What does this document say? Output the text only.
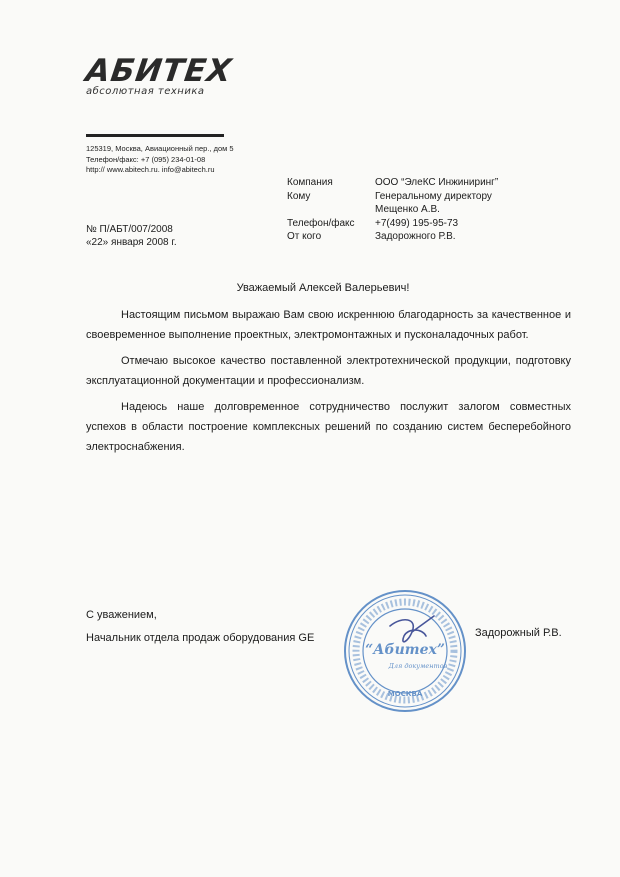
АБИТЕХ
абсолютная техника
125319, Москва, Авиационный пер., дом 5
Телефон/факс: +7 (095) 234-01-08
http:// www.abitech.ru. info@abitech.ru
Компания	ООО “ЭлеКС Инжиниринг”
Кому	Генеральному директору
Мещенко А.В.
Телефон/факс	+7(499) 195-95-73
От кого	Задорожного Р.В.
№ П/АБТ/007/2008
«22» января 2008 г.
Уважаемый Алексей Валерьевич!

Настоящим письмом выражаю Вам свою искреннюю благодарность за качественное и своевременное выполнение проектных, электромонтажных и пусконаладочных работ.

Отмечаю высокое качество поставленной электротехнической продукции, подготовку эксплуатационной документации и профессионализм.

Надеюсь наше долговременное сотрудничество послужит залогом совместных успехов в области построение комплексных решений по созданию систем бесперебойного электроснабжения.

С уважением,
Начальник отдела продаж оборудования GE	Задорожный Р.В.
“Абитех”
Для документов
МОСКВА
